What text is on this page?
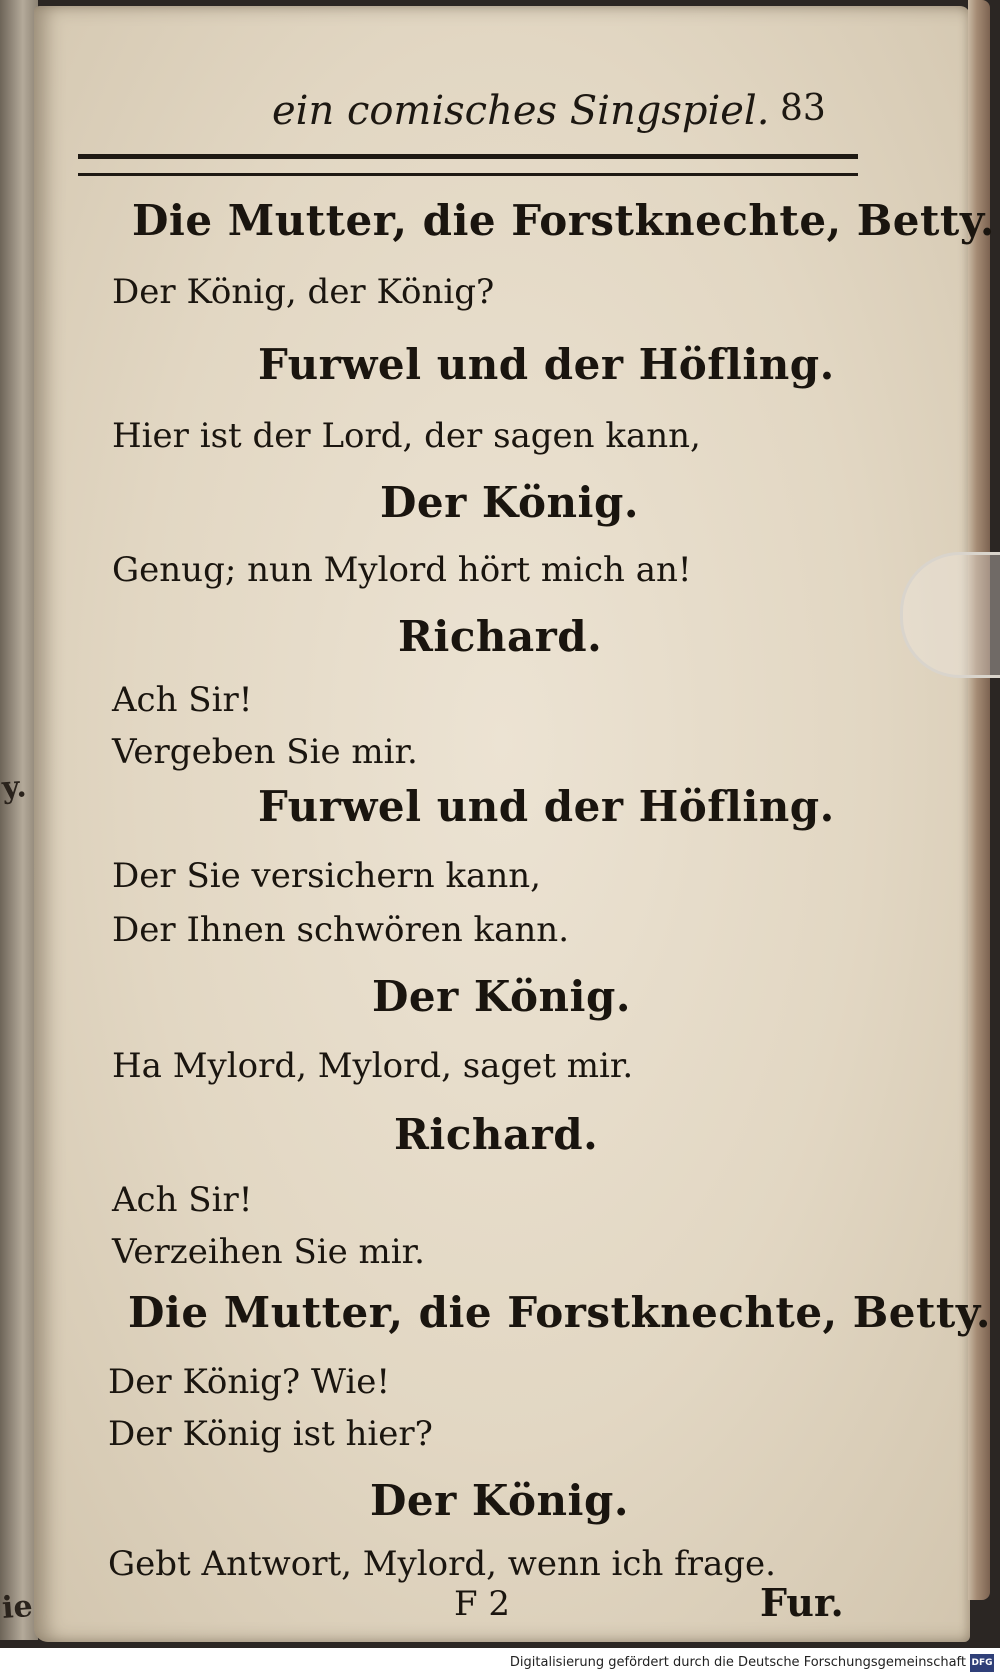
y.
ie
ein comisches Singspiel. 83
Die Mutter, die Forstknechte, Betty.
Der König, der König?
Furwel und der Höfling.
Hier ist der Lord, der sagen kann,
Der König.
Genug; nun Mylord hört mich an!
Richard.
Ach Sir!
Vergeben Sie mir.
Furwel und der Höfling.
Der Sie versichern kann,
Der Ihnen schwören kann.
Der König.
Ha Mylord, Mylord, saget mir.
Richard.
Ach Sir!
Verzeihen Sie mir.
Die Mutter, die Forstknechte, Betty.
Der König? Wie!
Der König ist hier?
Der König.
Gebt Antwort, Mylord, wenn ich frage.
F 2	Fur.
Digitalisierung gefördert durch die Deutsche Forschungsgemeinschaft DFG
